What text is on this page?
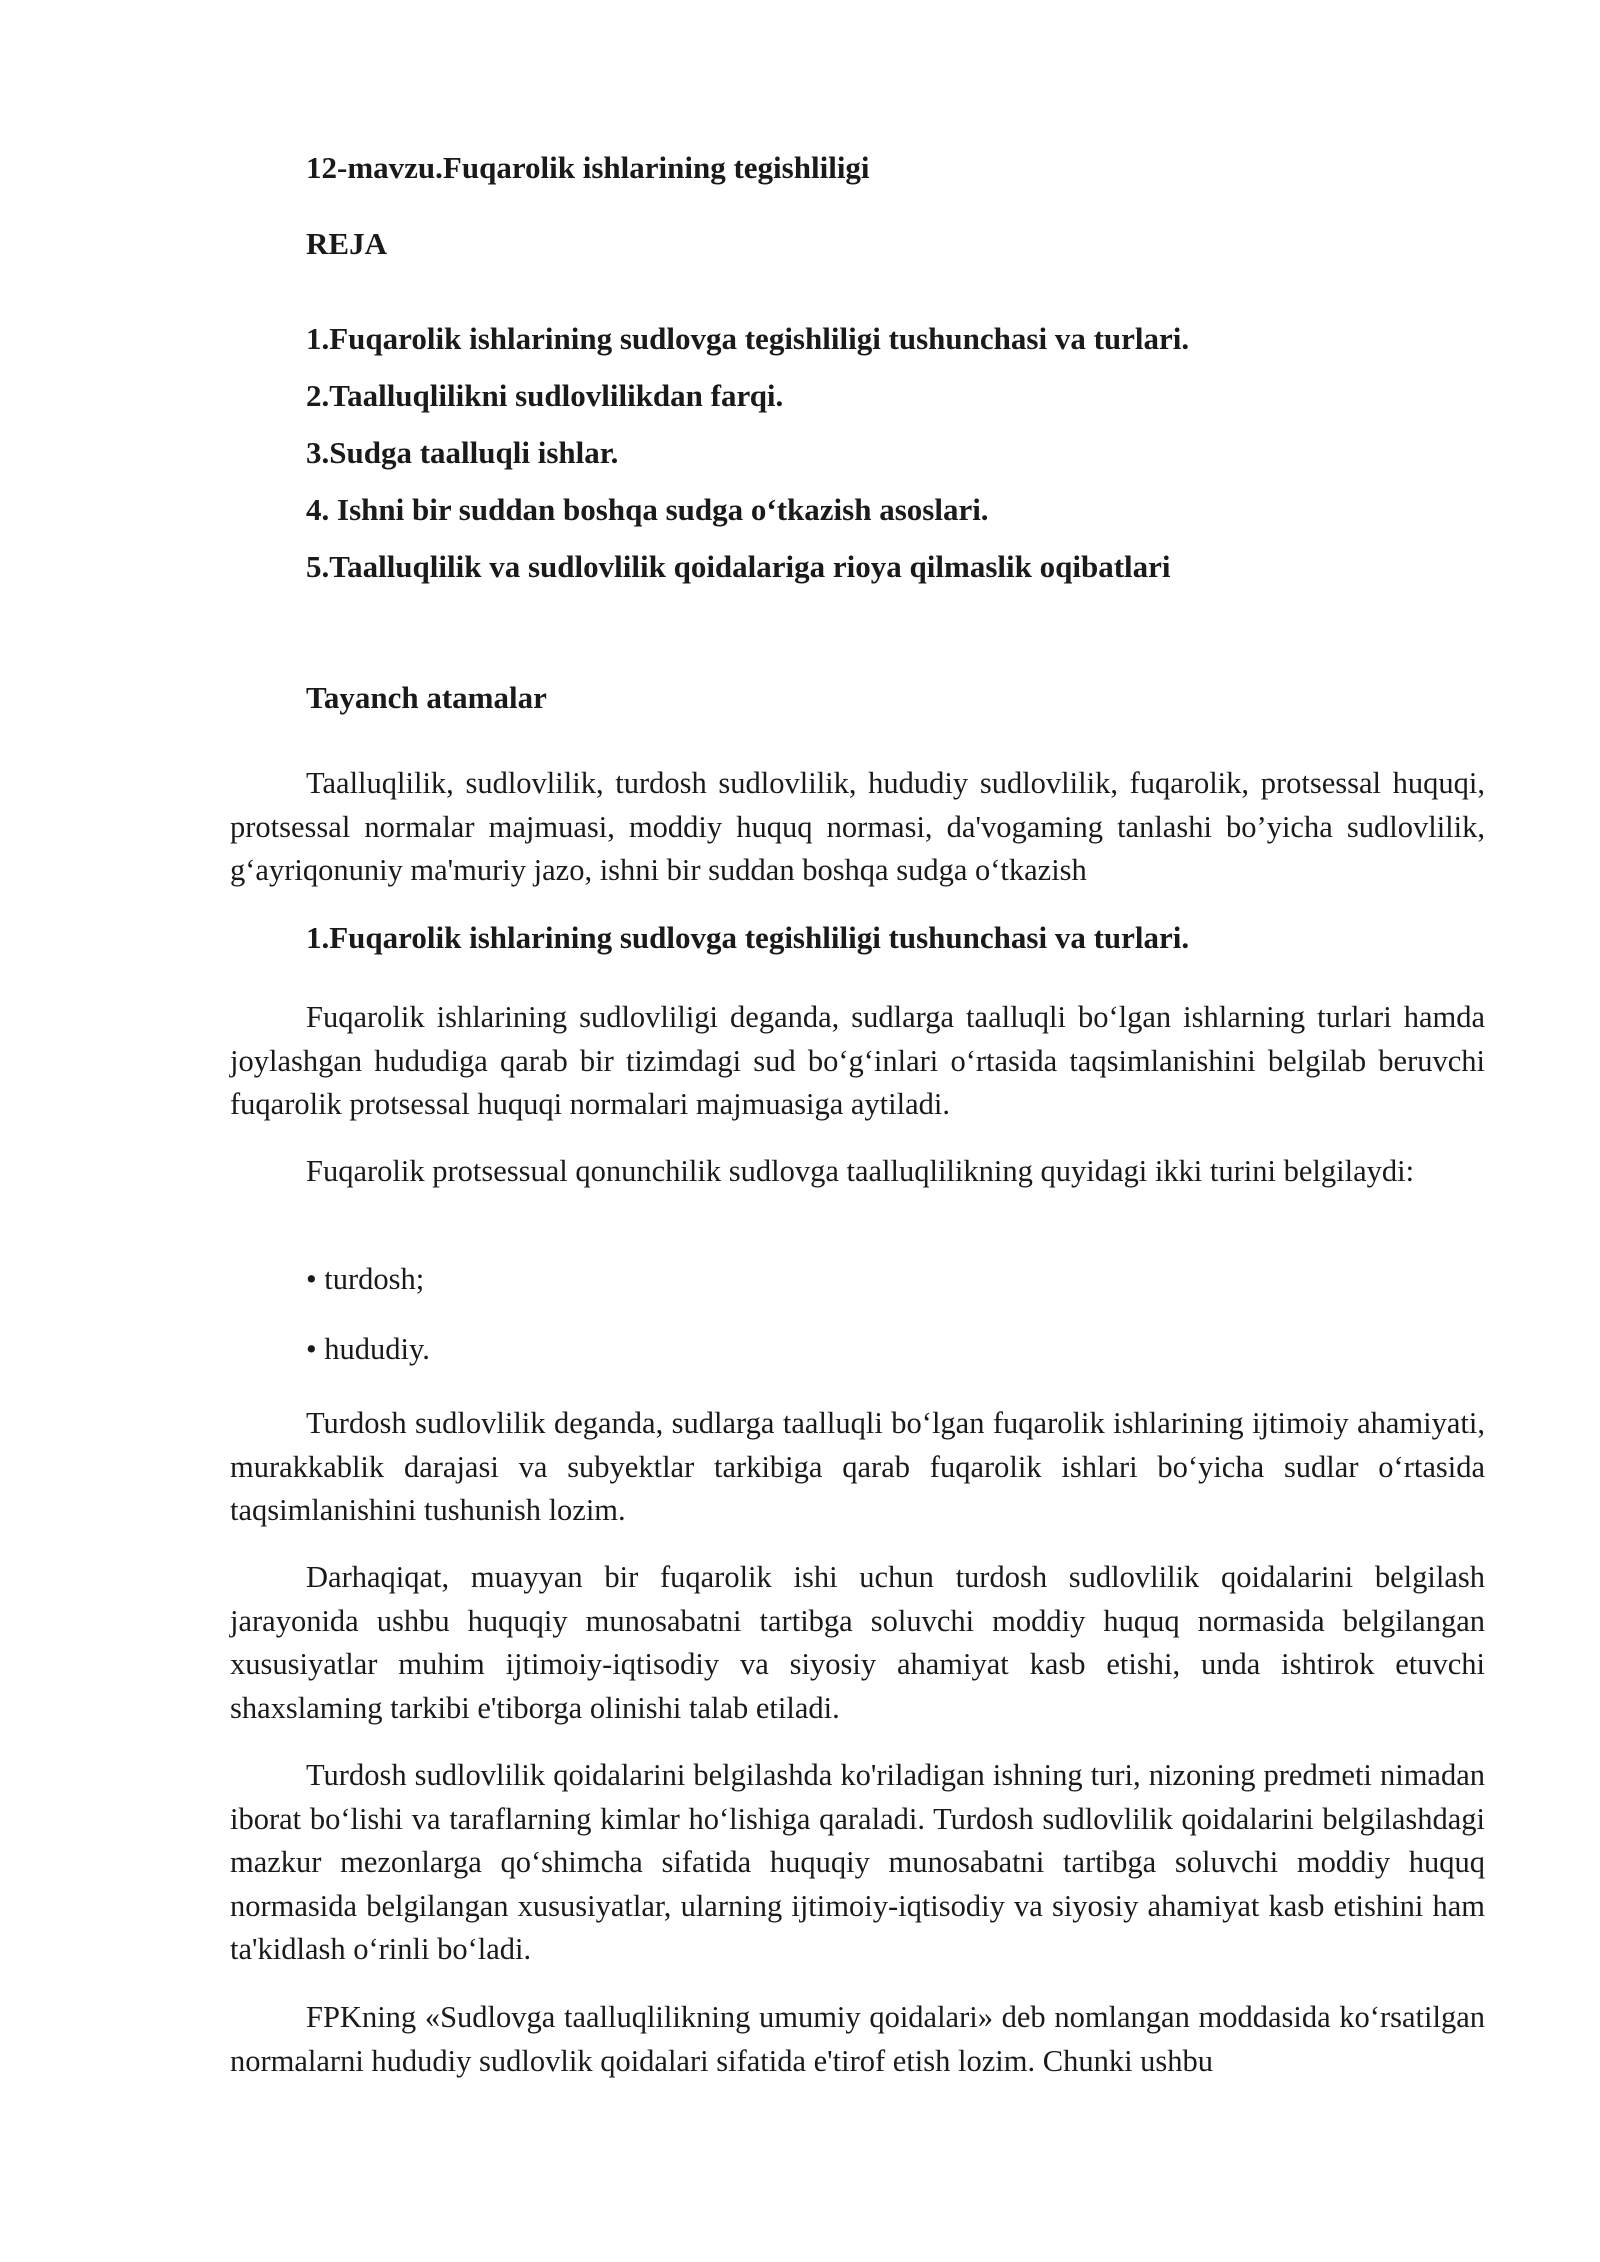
12-mavzu.Fuqarolik ishlarining tegishliligi
REJA
1.Fuqarolik ishlarining sudlovga tegishliligi tushunchasi va turlari.
2.Taalluqlilikni sudlovlilikdan farqi.
3.Sudga taalluqli ishlar.
4. Ishni bir suddan boshqa sudga o‘tkazish asoslari.
5.Taalluqlilik va sudlovlilik qoidalariga rioya qilmaslik oqibatlari
Tayanch atamalar

Taalluqlilik, sudlovlilik, turdosh sudlovlilik, hududiy sudlovlilik, fuqarolik, protsessal huquqi, protsessal normalar majmuasi, moddiy huquq normasi, da'vogaming tanlashi bo’yicha sudlovlilik, g‘ayriqonuniy ma'muriy jazo, ishni bir suddan boshqa sudga o‘tkazish

1.Fuqarolik ishlarining sudlovga tegishliligi tushunchasi va turlari.

Fuqarolik ishlarining sudlovliligi deganda, sudlarga taalluqli bo‘lgan ishlarning turlari hamda joylashgan hududiga qarab bir tizimdagi sud bo‘g‘inlari o‘rtasida taqsimlanishini belgilab beruvchi fuqarolik protsessal huquqi normalari majmuasiga aytiladi.

Fuqarolik protsessual qonunchilik sudlovga taalluqlilikning quyidagi ikki turini belgilaydi:

• turdosh;

• hududiy.

Turdosh sudlovlilik deganda, sudlarga taalluqli bo‘lgan fuqarolik ishlarining ijtimoiy ahamiyati, murakkablik darajasi va subyektlar tarkibiga qarab fuqarolik ishlari bo‘yicha sudlar o‘rtasida taqsimlanishini tushunish lozim.

Darhaqiqat, muayyan bir fuqarolik ishi uchun turdosh sudlovlilik qoidalarini belgilash jarayonida ushbu huquqiy munosabatni tartibga soluvchi moddiy huquq normasida belgilangan xususiyatlar muhim ijtimoiy-iqtisodiy va siyosiy ahamiyat kasb etishi, unda ishtirok etuvchi shaxslaming tarkibi e'tiborga olinishi talab etiladi.

Turdosh sudlovlilik qoidalarini belgilashda ko'riladigan ishning turi, nizoning predmeti nimadan iborat bo‘lishi va taraflarning kimlar ho‘lishiga qaraladi. Turdosh sudlovlilik qoidalarini belgilashdagi mazkur mezonlarga qo‘shimcha sifatida huquqiy munosabatni tartibga soluvchi moddiy huquq normasida belgilangan xususiyatlar, ularning ijtimoiy-iqtisodiy va siyosiy ahamiyat kasb etishini ham ta'kidlash o‘rinli bo‘ladi.

FPKning «Sudlovga taalluqlilikning umumiy qoidalari» deb nomlangan moddasida ko‘rsatilgan normalarni hududiy sudlovlik qoidalari sifatida e'tirof etish lozim. Chunki ushbu
